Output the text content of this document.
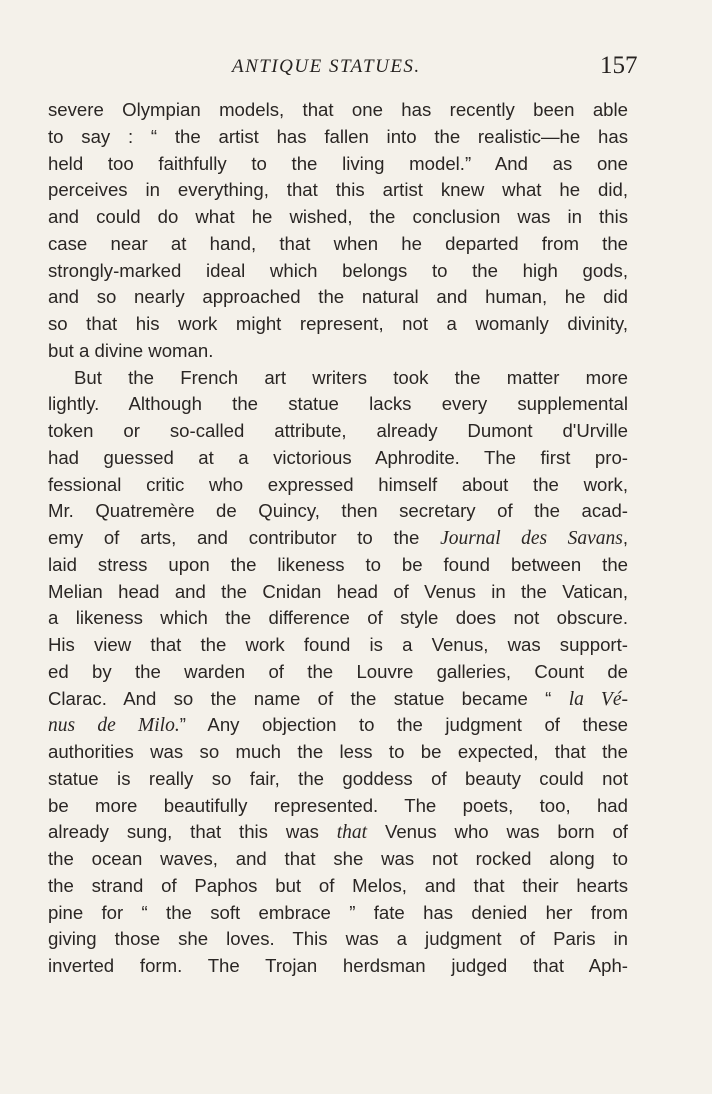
ANTIQUE STATUES.	157
severe Olympian models, that one has recently been able
to say : “ the artist has fallen into the realistic—he has
held too faithfully to the living model.” And as one
perceives in everything, that this artist knew what he did,
and could do what he wished, the conclusion was in this
case near at hand, that when he departed from the
strongly-marked ideal which belongs to the high gods,
and so nearly approached the natural and human, he did
so that his work might represent, not a womanly divinity,
but a divine woman.
But the French art writers took the matter more
lightly. Although the statue lacks every supplemental
token or so-called attribute, already Dumont d'Urville
had guessed at a victorious Aphrodite. The first pro-
fessional critic who expressed himself about the work,
Mr. Quatremère de Quincy, then secretary of the acad-
emy of arts, and contributor to the Journal des Savans,
laid stress upon the likeness to be found between the
Melian head and the Cnidan head of Venus in the Vatican,
a likeness which the difference of style does not obscure.
His view that the work found is a Venus, was support-
ed by the warden of the Louvre galleries, Count de
Clarac. And so the name of the statue became “ la Vé-
nus de Milo.” Any objection to the judgment of these
authorities was so much the less to be expected, that the
statue is really so fair, the goddess of beauty could not
be more beautifully represented. The poets, too, had
already sung, that this was that Venus who was born of
the ocean waves, and that she was not rocked along to
the strand of Paphos but of Melos, and that their hearts
pine for “ the soft embrace ” fate has denied her from
giving those she loves. This was a judgment of Paris in
inverted form. The Trojan herdsman judged that Aph-
